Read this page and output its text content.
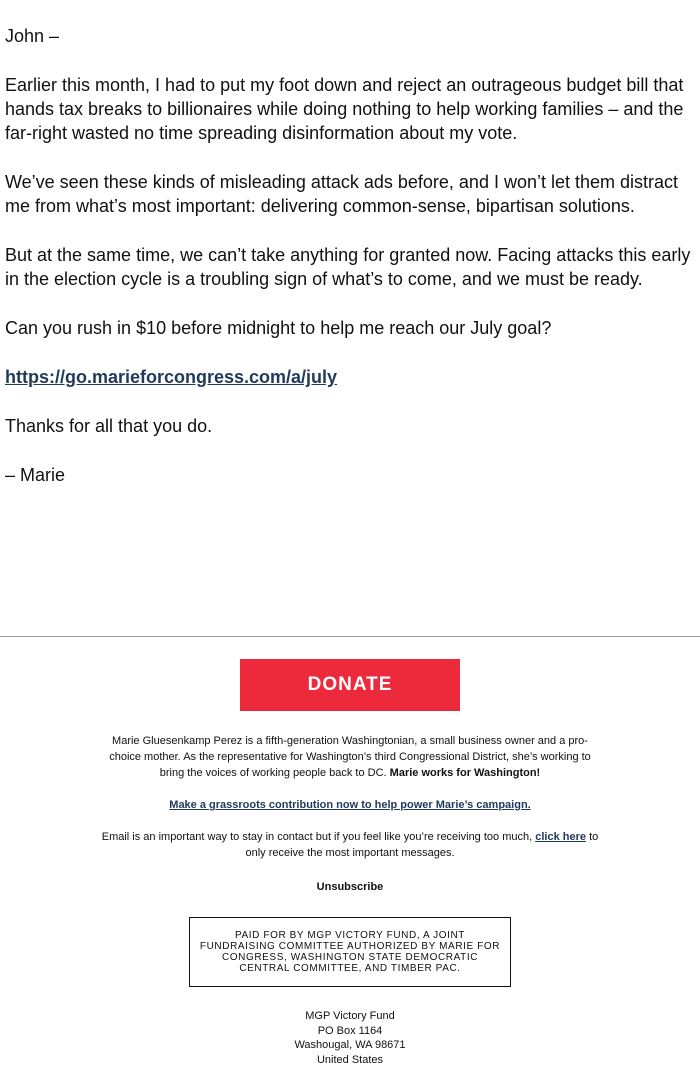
John –

Earlier this month, I had to put my foot down and reject an outrageous budget bill that hands tax breaks to billionaires while doing nothing to help working families – and the far-right wasted no time spreading disinformation about my vote.

We’ve seen these kinds of misleading attack ads before, and I won’t let them distract me from what’s most important: delivering common-sense, bipartisan solutions.

But at the same time, we can’t take anything for granted now. Facing attacks this early in the election cycle is a troubling sign of what’s to come, and we must be ready.

Can you rush in $10 before midnight to help me reach our July goal?

https://go.marieforcongress.com/a/july

Thanks for all that you do.

– Marie

DONATE
Marie Gluesenkamp Perez is a fifth-generation Washingtonian, a small business owner and a pro-choice mother. As the representative for Washington’s third Congressional District, she’s working to bring the voices of working people back to DC. Marie works for Washington!
Make a grassroots contribution now to help power Marie’s campaign.
Email is an important way to stay in contact but if you feel like you’re receiving too much, click here to only receive the most important messages.
Unsubscribe
PAID FOR BY MGP VICTORY FUND, A JOINT FUNDRAISING COMMITTEE AUTHORIZED BY MARIE FOR CONGRESS, WASHINGTON STATE DEMOCRATIC CENTRAL COMMITTEE, AND TIMBER PAC.
MGP Victory Fund
PO Box 1164
Washougal, WA 98671
United States
